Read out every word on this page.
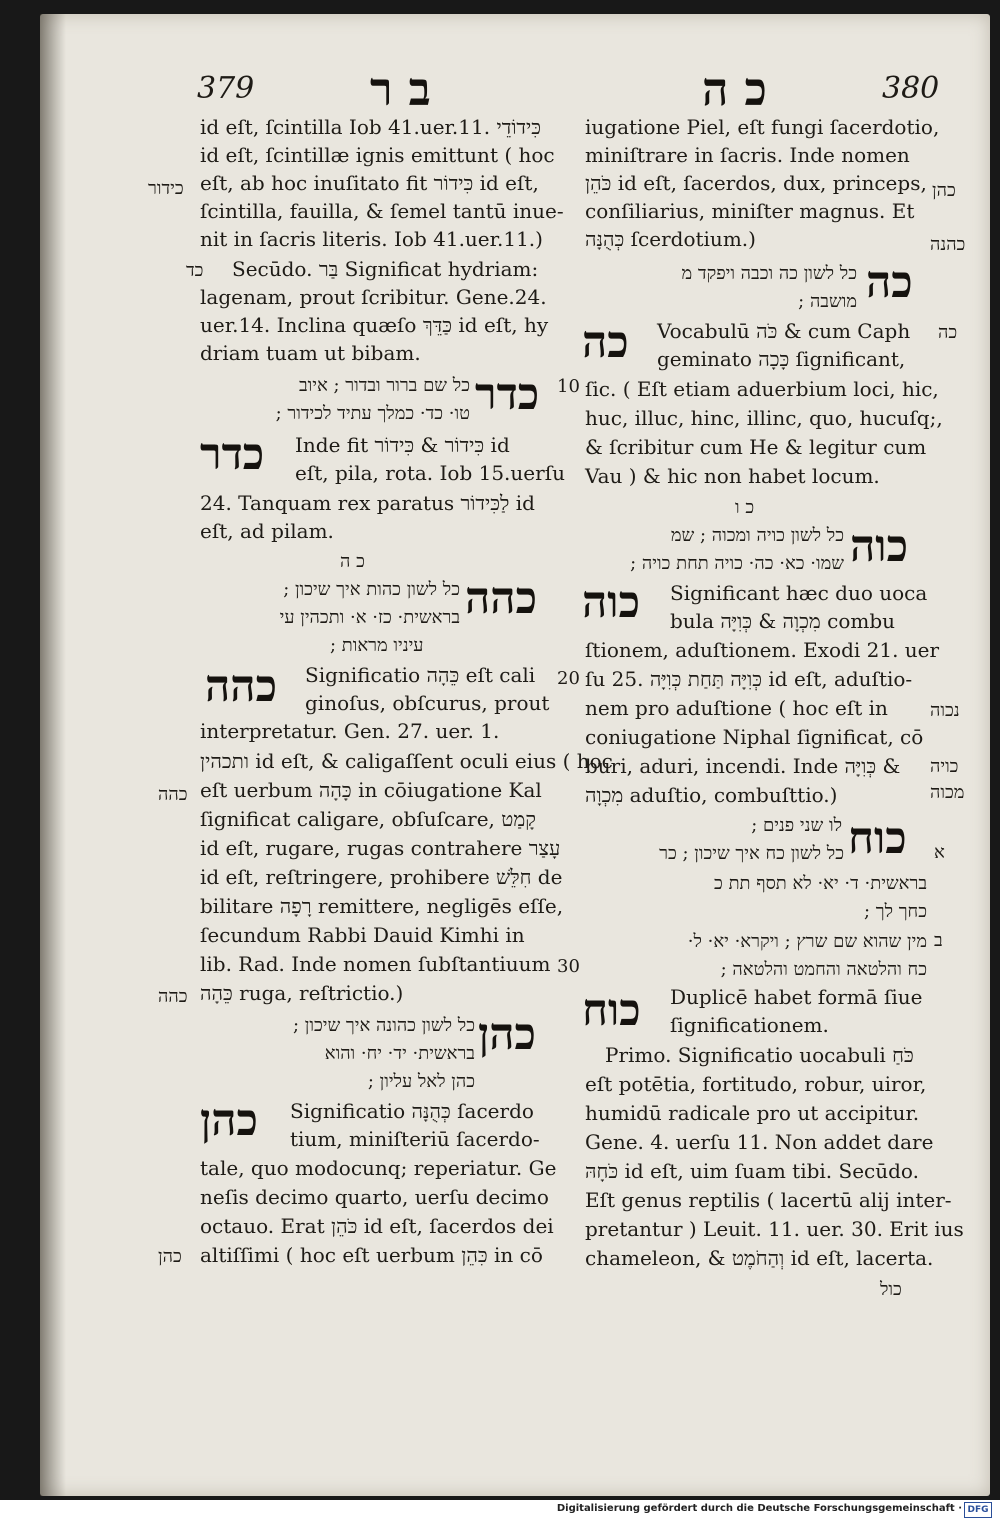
379	ב ר
id eſt, ſcintilla Iob 41.uer.11. כִּידוֹדֵי
id eſt, ſcintillæ ignis emittunt ( hoc
eſt, ab hoc inuſitato fit כִּידוֹר id eſt,
ſcintilla, fauilla, & ſemel tantū inue-
nit in ſacris literis. Iob 41.uer.11.)
Secūdo. בַּר Significat hydriam:
lagenam, prout ſcribitur. Gene.24.
uer.14. Inclina quæſo כַּדֵּךְ id eſt, hy
driam tuam ut bibam.
כדר
כל שם ברור ובדור ; איוב
טו· כד· כמלך עתיד לכידור ;
כדר Inde fit כִּידוֹר & כִּידוֹר id
eſt, pila, rota. Iob 15.uerſu
24. Tanquam rex paratus לַכִּידוֹר id
eſt, ad pilam.
כ ה
כהה
כל לשון כהות איך שיכון ;
בראשית· כז· א· ותכהין עי
עיניו מראות ;
כהה Significatio כֵּהָה eſt cali
ginoſus, obſcurus, prout
interpretatur. Gen. 27. uer. 1.
ותכהין id eſt, & caligaſſent oculi eius ( hoc
eſt uerbum כָּהָה in cōiugatione Kal
ſignificat caligare, obſuſcare, קָמַט
id eſt, rugare, rugas contrahere עָצַר
id eſt, reſtringere, prohibere חִלֵּשׁ de
bilitare רָפָה remittere, negligēs eſſe,
ſecundum Rabbi Dauid Kimhi in
lib. Rad. Inde nomen ſubſtantiuum
כֵּהָה ruga, reſtrictio.)
כהן
כל לשון כהונה איך שיכון ;
בראשית· יד· יח· והוא
כהן לאל עליון ;
כהן Significatio כְּהֻנָּה ſacerdo
tium, miniſteriū ſacerdo-
tale, quo modocunq; reperiatur. Ge
neſis decimo quarto, uerſu decimo
octauo. Erat כֹּהֵן id eſt, ſacerdos dei
altiſſimi ( hoc eſt uerbum כִּהֵן in cō
כידור
כד
כהה
כהה
כהן
10
20
30
כ ה	380
iugatione Piel, eſt fungi ſacerdotio,
miniſtrare in ſacris. Inde nomen
כֹּהֵן id eſt, ſacerdos, dux, princeps,
conſiliarius, miniſter magnus. Et
כְּהֻנָּה ſcerdotium.)
כה
כל לשון כה וכבה ויפקד מ
מושבה ;
כה Vocabulū כֹּה & cum Caph
geminato כָּכָה ſignificant,
ſic. ( Eſt etiam aduerbium loci, hic,
huc, illuc, hinc, illinc, quo, hucuſq;,
& ſcribitur cum He & legitur cum
Vau ) & hic non habet locum.
כ ו
כוה
כל לשון כויה ומכוה ; שמ
שמו· כא· כה· כויה תחת כויה ;
כוה Significant hæc duo uoca
bula מִכְוָה & כְּוִיָּה combu
ſtionem, aduſtionem. Exodi 21. uer
ſu 25. כְּוִיָּה תַּחַת כְּוִיָּה id eſt, aduſtio-
nem pro aduſtione ( hoc eſt in
coniugatione Niphal ſignificat, cō
buri, aduri, incendi. Inde כְּוִיָּה &
מִכְוָה aduſtio, combuſttio.)
לו שני פנים ; כוח
כל לשון כח איך שיכון ; כר
בראשית· ד· יא· לא תסף תת כ
כחך לך ;
מין שהוא שם שרץ ; ויקרא· יא· ל·
כח והלטאה והחמט והלטאה ;
כוח Duplicē habet formā ſiue
ſignificationem.
Primo. Significatio uocabuli כֹּחַ
eſt potētia, fortitudo, robur, uiror,
humidū radicale pro ut accipitur.
Gene. 4. uerſu 11. Non addet dare
כֹּחָהּ id eſt, uim ſuam tibi. Secūdo.
Eſt genus reptilis ( lacertū alij inter-
pretantur ) Leuit. 11. uer. 30. Erit ius
chameleon, & וְהַחֹמֶט id eſt, lacerta.
כול
כהן
כהנה
כה
נכוה
כויה
מכוה
א
ב
Digitalisierung gefördert durch die Deutsche Forschungsgemeinschaft · DFG
